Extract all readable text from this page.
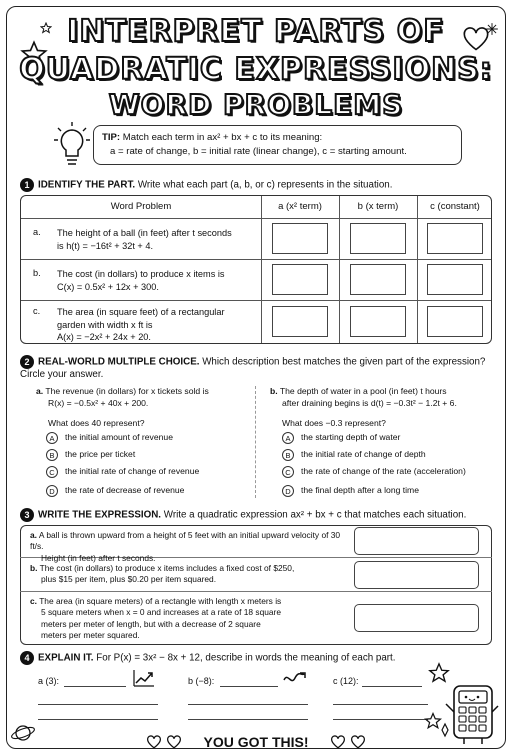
INTERPRET PARTS OF
QUADRATIC EXPRESSIONS:
WORD PROBLEMS
TIP: Match each term in ax² + bx + c to its meaning:
a = rate of change, b = initial rate (linear change), c = starting amount.
1 IDENTIFY THE PART. Write what each part (a, b, or c) represents in the situation.
Word Problem	a (x² term)	b (x term)	c (constant)
a. The height of a ball (in feet) after t seconds
is h(t) = −16t² + 32t + 4.
b. The cost (in dollars) to produce x items is
C(x) = 0.5x² + 12x + 300.
c. The area (in square feet) of a rectangular
garden with width x ft is
A(x) = −2x² + 24x + 20.
2 REAL-WORLD MULTIPLE CHOICE. Which description best matches the given part of the expression?
Circle your answer.
a. The revenue (in dollars) for x tickets sold is
R(x) = −0.5x² + 40x + 200.
What does 40 represent?
A the initial amount of revenue
B the price per ticket
C the initial rate of change of revenue
D the rate of decrease of revenue
b. The depth of water in a pool (in feet) t hours
after draining begins is d(t) = −0.3t² − 1.2t + 6.
What does −0.3 represent?
A the starting depth of water
B the initial rate of change of depth
C the rate of change of the rate (acceleration)
D the final depth after a long time
3 WRITE THE EXPRESSION. Write a quadratic expression ax² + bx + c that matches each situation.
a. A ball is thrown upward from a height of 5 feet with an initial upward velocity of 30 ft/s.
Height (in feet) after t seconds.
b. The cost (in dollars) to produce x items includes a fixed cost of $250,
plus $15 per item, plus $0.20 per item squared.
c. The area (in square meters) of a rectangle with length x meters is
5 square meters when x = 0 and increases at a rate of 18 square
meters per meter of length, but with a decrease of 2 square
meters per meter squared.
4 EXPLAIN IT. For P(x) = 3x² − 8x + 12, describe in words the meaning of each part.
a (3):	b (−8):	c (12):
YOU GOT THIS!
